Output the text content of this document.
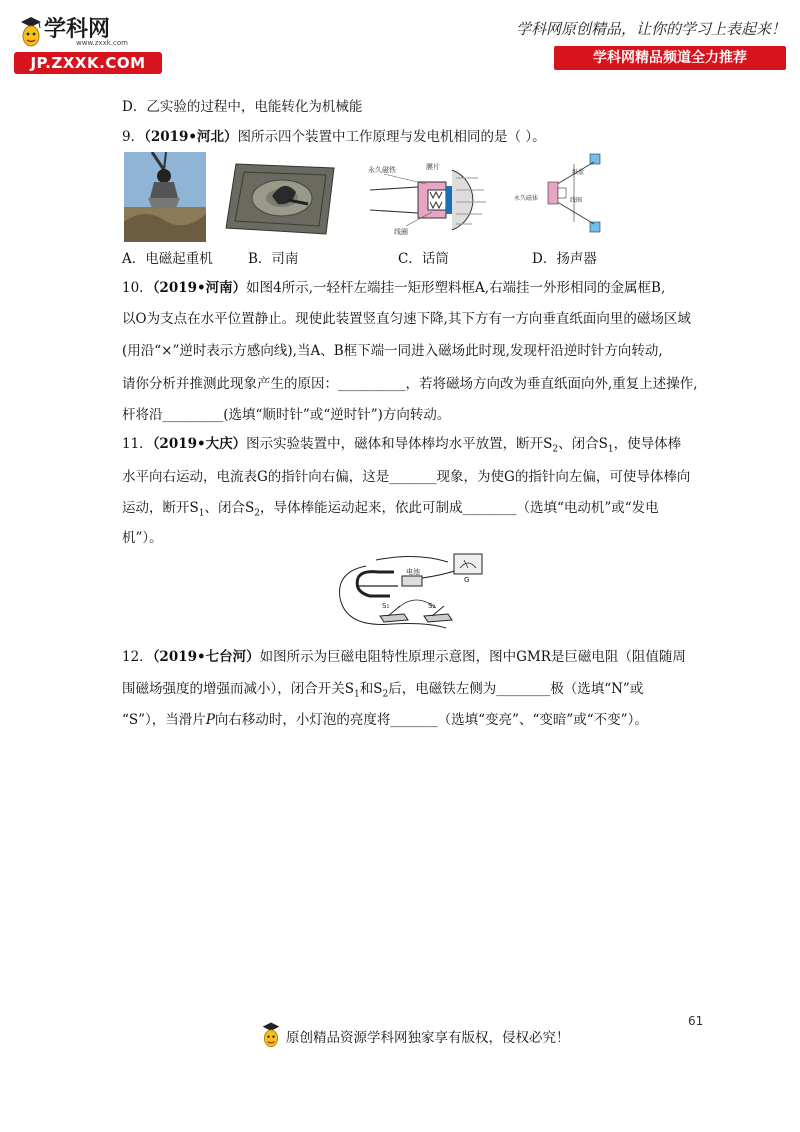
学科网
www.zxxk.com
JP.ZXXK.COM
学科网原创精品，让你的学习上表起来！
学科网精品频道全力推荐
D．乙实验的过程中，电能转化为机械能
9．（2019•河北）图所示四个装置中工作原理与发电机相同的是（ ）。
永久磁铁	膜片
线圈
永久磁体
纸盆
线圈
A．电磁起重机	B．司南	C．话筒	D．扬声器
10．（2019•河南）如图4所示,一轻杆左端挂一矩形塑料框A,右端挂一外形相同的金属框B,
以O为支点在水平位置静止。现使此装置竖直匀速下降,其下方有一方向垂直纸面向里的磁场区域
(用沿“×”逆时表示方感向线),当A、B框下端一同进入磁场此时现,发现杆沿逆时针方向转动,
请你分析并推测此现象产生的原因：__________，若将磁场方向改为垂直纸面向外,重复上述操作,
杆将沿_________(选填“顺时针”或“逆时针”)方向转动。
11．（2019•大庆）图示实验装置中，磁体和导体棒均水平放置，断开$S_2$、闭合$S_1$，使导体棒
水平向右运动，电流表G的指针向右偏，这是_______现象，为使G的指针向左偏，可使导体棒向
运动，断开$S_1$、闭合$S_2$，导体棒能运动起来，依此可制成________（选填“电动机”或“发电
机”）。
电池
S₁	S₂
G
12．（2019•七台河）如图所示为巨磁电阻特性原理示意图，图中GMR是巨磁电阻（阻值随周
围磁场强度的增强而减小），闭合开关$S_1$和$S_2$后，电磁铁左侧为________极（选填“N”或
“S”），当滑片P向右移动时，小灯泡的亮度将_______（选填“变亮”、“变暗”或“不变”）。
61
原创精品资源学科网独家享有版权，侵权必究！
